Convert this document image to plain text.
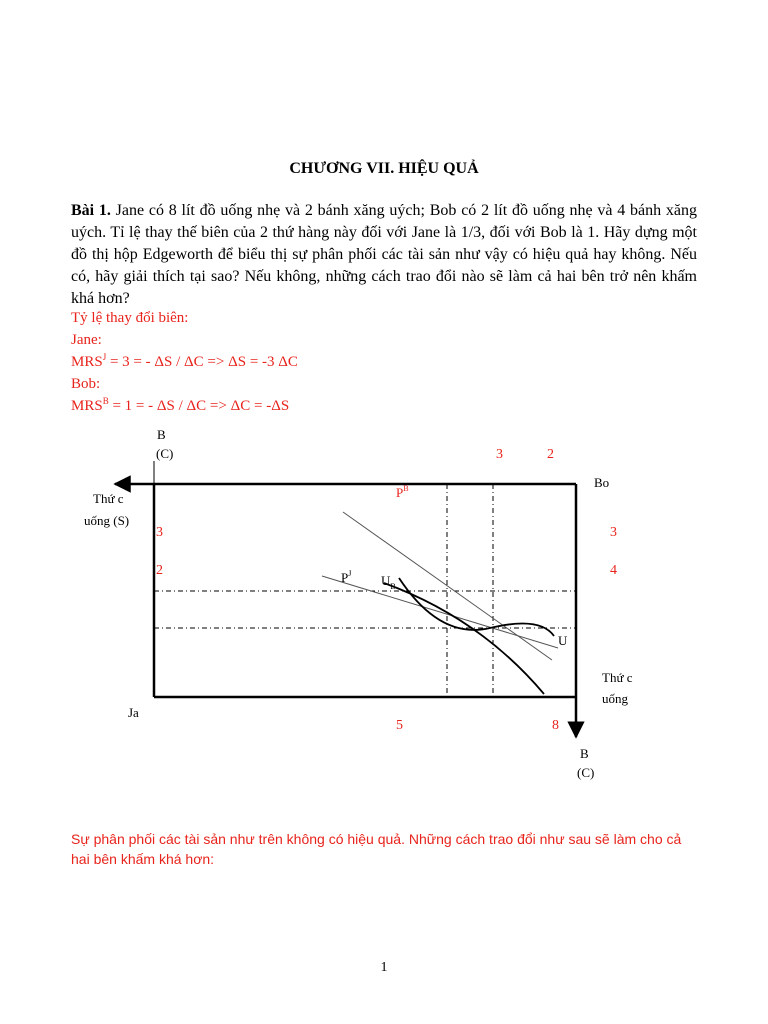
CHƯƠNG VII. HIỆU QUẢ

Bài 1. Jane có 8 lít đồ uống nhẹ và 2 bánh xăng uých; Bob có 2 lít đồ uống nhẹ và 4 bánh xăng uých. Tỉ lệ thay thế biên của 2 thứ hàng này đối với Jane là 1/3, đối với Bob là 1. Hãy dựng một đồ thị hộp Edgeworth để biểu thị sự phân phối các tài sản như vậy có hiệu quả hay không. Nếu có, hãy giải thích tại sao? Nếu không, những cách trao đổi nào sẽ làm cả hai bên trở nên khấm khá hơn?

Tỷ lệ thay đổi biên:
Jane:
$MRS^J = 3$ = - ΔS / ΔC => ΔS = -3 ΔC
Bob:
$MRS^B = 1$ = - ΔS / ΔC => ΔC = -ΔS
B
(C)
Thứ c
uống (S)
Bo
Ja
Thứ c
uống
B
(C)
$P^J$ $U_B$
U
3	2
3
2
3
4
5	8
$P^B$
Sự phân phối các tài sản như trên không có hiệu quả. Những cách trao đổi như sau sẽ làm cho cả hai bên khấm khá hơn:
1
